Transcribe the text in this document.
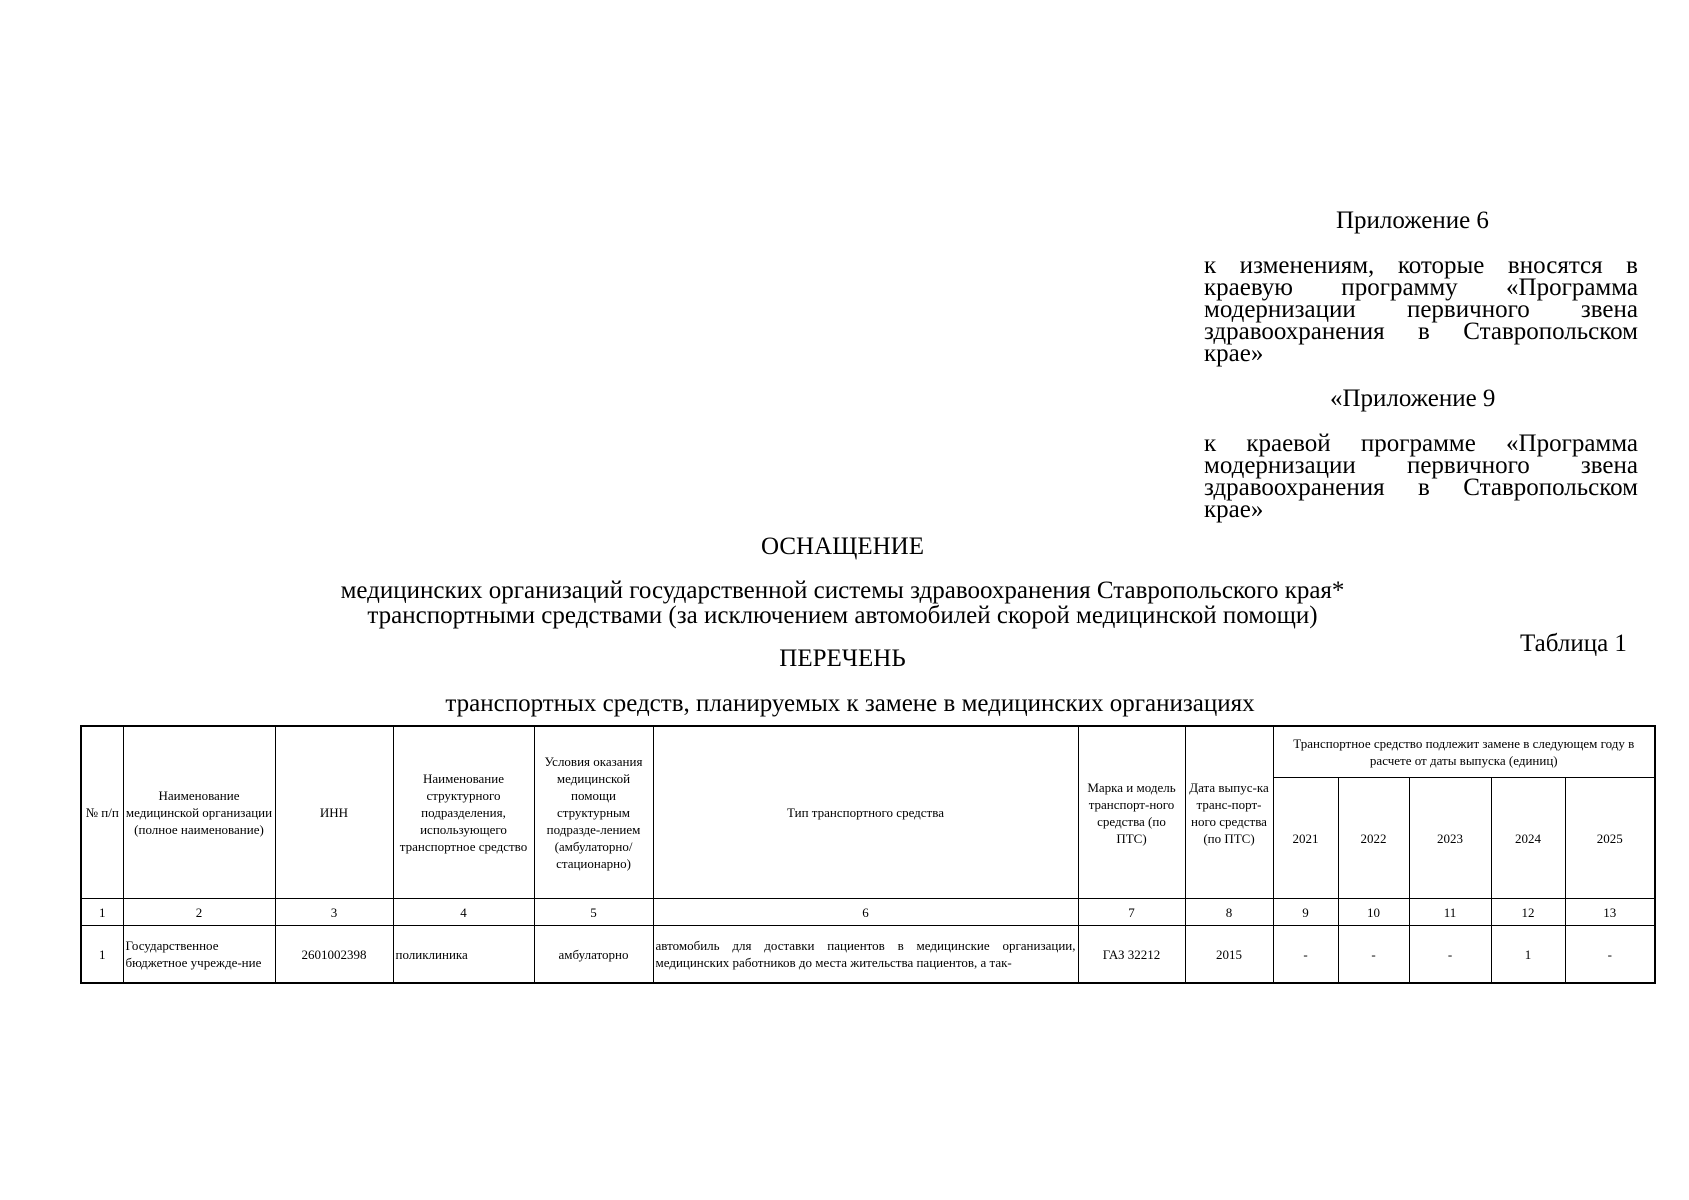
Приложение 6
к изменениям, которые вносятся в краевую программу «Программа модернизации первичного звена здравоохранения в Ставропольском крае»
«Приложение 9
к краевой программе «Программа модернизации первичного звена здравоохранения в Ставропольском крае»
ОСНАЩЕНИЕ
медицинских организаций государственной системы здравоохранения Ставропольского края*
транспортными средствами (за исключением автомобилей скорой медицинской помощи)
Таблица 1
ПЕРЕЧЕНЬ
транспортных средств, планируемых к замене в медицинских организациях
№ п/п	Наименование медицинской организации (полное наименование)	ИНН	Наименование структурного подразделения, использующего транспортное средство	Условия оказания медицинской помощи структурным подразде-лением (амбулаторно/ стационарно)	Тип транспортного средства	Марка и модель транспорт-ного средства (по ПТС)	Дата выпус-ка транс-порт-ного средства (по ПТС)	Транспортное средство подлежит замене в следующем году в расчете от даты выпуска (единиц)				
								2021	2022	2023	2024	2025
1	2	3	4	5	6	7	8	9	10	11	12	13
1	Государственное бюджетное учрежде-ние	2601002398	поликлиника	амбулаторно	автомобиль для доставки пациентов в медицинские организации, медицинских работников до места жительства пациентов, а так-	ГАЗ 32212	2015	-	-	-	1	-
